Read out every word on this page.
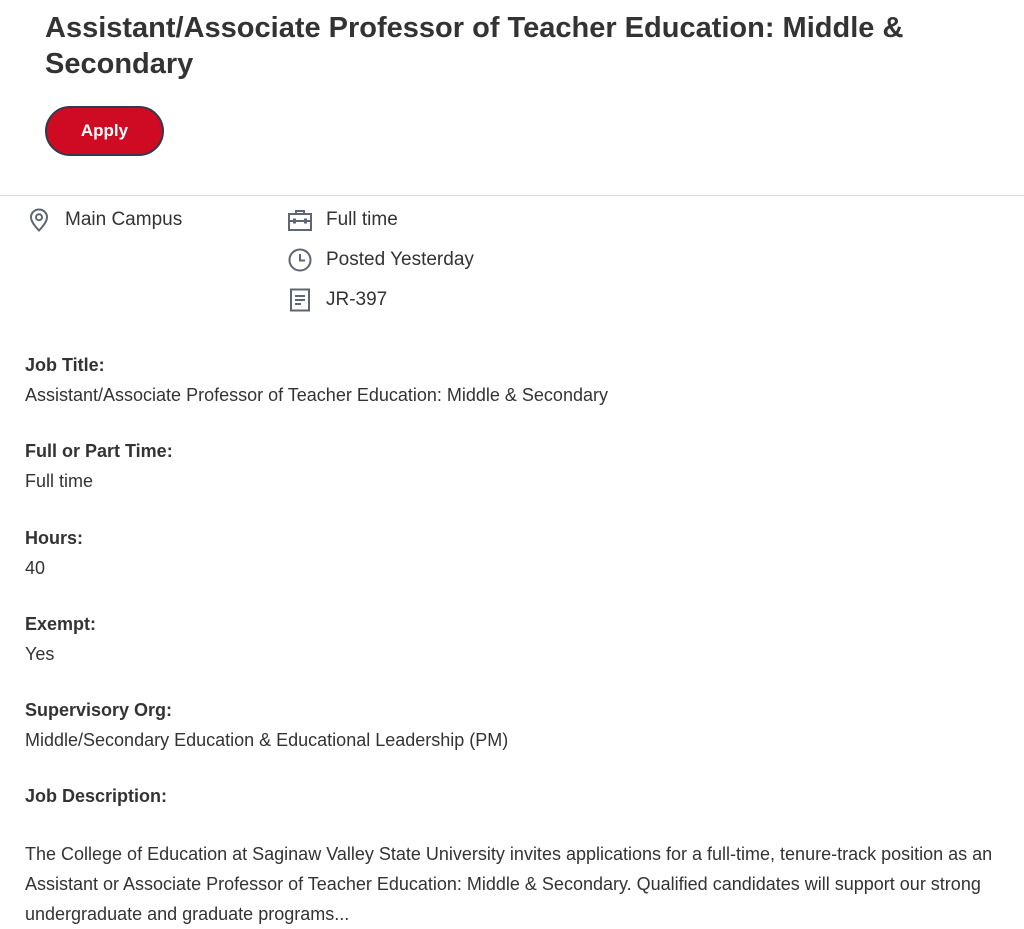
Assistant/Associate Professor of Teacher Education: Middle & Secondary
Apply
Main Campus	Full time
Posted Yesterday
JR-397
Job Title:
Assistant/Associate Professor of Teacher Education: Middle & Secondary
Full or Part Time:
Full time
Hours:
40
Exempt:
Yes
Supervisory Org:
Middle/Secondary Education & Educational Leadership (PM)
Job Description:

The College of Education at Saginaw Valley State University invites applications for a full-time, tenure-track position as an Assistant or Associate Professor of Teacher Education: Middle & Secondary. Qualified candidates will support our strong undergraduate and graduate programs...
